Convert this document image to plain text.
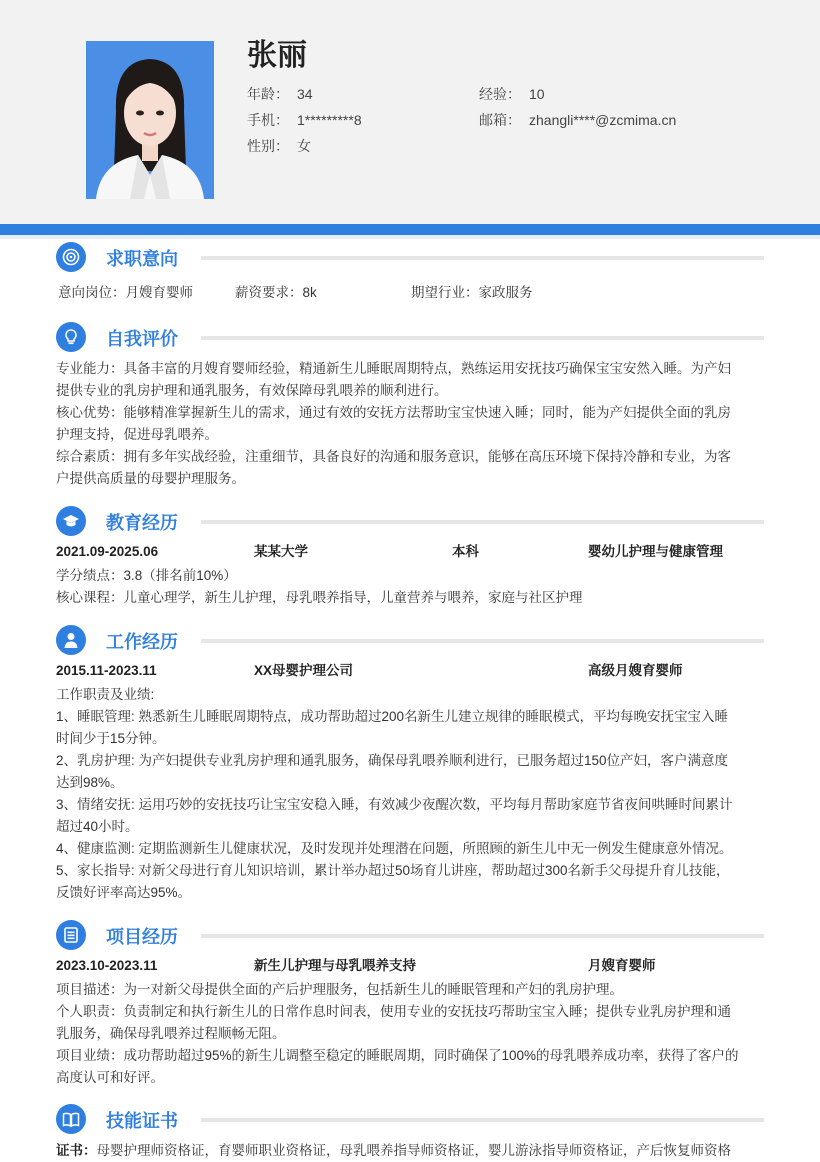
张丽
年龄： 34	经验： 10
手机： 1*********8	邮箱： zhangli****@zcmima.cn
性别： 女
求职意向
意向岗位：月嫂育婴师	薪资要求：8k	期望行业：家政服务
自我评价
专业能力：具备丰富的月嫂育婴师经验，精通新生儿睡眠周期特点，熟练运用安抚技巧确保宝宝安然入睡。为产妇
提供专业的乳房护理和通乳服务，有效保障母乳喂养的顺利进行。
核心优势：能够精准掌握新生儿的需求，通过有效的安抚方法帮助宝宝快速入睡；同时，能为产妇提供全面的乳房
护理支持，促进母乳喂养。
综合素质：拥有多年实战经验，注重细节，具备良好的沟通和服务意识，能够在高压环境下保持冷静和专业，为客
户提供高质量的母婴护理服务。
教育经历
2021.09-2025.06	某某大学	本科	婴幼儿护理与健康管理
学分绩点：3.8（排名前10%）
核心课程：儿童心理学，新生儿护理，母乳喂养指导，儿童营养与喂养，家庭与社区护理
工作经历
2015.11-2023.11	XX母婴护理公司	高级月嫂育婴师
工作职责及业绩:
1、睡眠管理: 熟悉新生儿睡眠周期特点，成功帮助超过200名新生儿建立规律的睡眠模式，平均每晚安抚宝宝入睡
时间少于15分钟。
2、乳房护理: 为产妇提供专业乳房护理和通乳服务，确保母乳喂养顺利进行，已服务超过150位产妇，客户满意度
达到98%。
3、情绪安抚: 运用巧妙的安抚技巧让宝宝安稳入睡，有效减少夜醒次数，平均每月帮助家庭节省夜间哄睡时间累计
超过40小时。
4、健康监测: 定期监测新生儿健康状况，及时发现并处理潜在问题，所照顾的新生儿中无一例发生健康意外情况。
5、家长指导: 对新父母进行育儿知识培训，累计举办超过50场育儿讲座，帮助超过300名新手父母提升育儿技能，
反馈好评率高达95%。
项目经历
2023.10-2023.11	新生儿护理与母乳喂养支持	月嫂育婴师
项目描述：为一对新父母提供全面的产后护理服务，包括新生儿的睡眠管理和产妇的乳房护理。
个人职责：负责制定和执行新生儿的日常作息时间表，使用专业的安抚技巧帮助宝宝入睡；提供专业乳房护理和通
乳服务，确保母乳喂养过程顺畅无阻。
项目业绩：成功帮助超过95%的新生儿调整至稳定的睡眠周期，同时确保了100%的母乳喂养成功率，获得了客户的
高度认可和好评。
技能证书
证书：母婴护理师资格证，育婴师职业资格证，母乳喂养指导师资格证，婴儿游泳指导师资格证，产后恢复师资格
